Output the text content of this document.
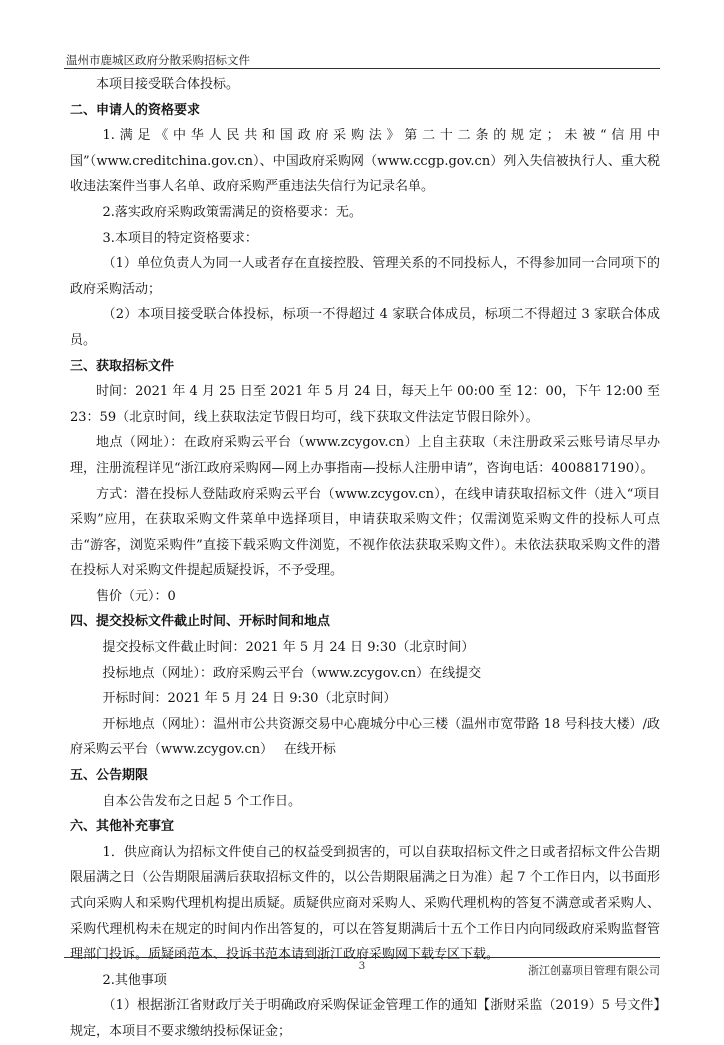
温州市鹿城区政府分散采购招标文件

本项目接受联合体投标。

二、申请人的资格要求

1.满足《中华人民共和国政府采购法》第二十二条的规定；未被“信用中国”（www.creditchina.gov.cn）、中国政府采购网（www.ccgp.gov.cn）列入失信被执行人、重大税收违法案件当事人名单、政府采购严重违法失信行为记录名单。

2.落实政府采购政策需满足的资格要求：无。

3.本项目的特定资格要求：

（1）单位负责人为同一人或者存在直接控股、管理关系的不同投标人，不得参加同一合同项下的政府采购活动；

（2）本项目接受联合体投标，标项一不得超过 4 家联合体成员，标项二不得超过 3 家联合体成员。

三、获取招标文件

时间：2021 年 4 月 25 日至 2021 年 5 月 24 日，每天上午 00:00 至 12：00，下午 12:00 至 23：59（北京时间，线上获取法定节假日均可，线下获取文件法定节假日除外）。

地点（网址）：在政府采购云平台（www.zcygov.cn）上自主获取（未注册政采云账号请尽早办理，注册流程详见“浙江政府采购网—网上办事指南—投标人注册申请”，咨询电话：4008817190）。

方式：潜在投标人登陆政府采购云平台（www.zcygov.cn），在线申请获取招标文件（进入“项目采购”应用，在获取采购文件菜单中选择项目，申请获取采购文件；仅需浏览采购文件的投标人可点击“游客，浏览采购件”直接下载采购文件浏览，不视作依法获取采购文件）。未依法获取采购文件的潜在投标人对采购文件提起质疑投诉，不予受理。

售价（元）：0

四、提交投标文件截止时间、开标时间和地点

提交投标文件截止时间：2021 年 5 月 24 日 9:30（北京时间）

投标地点（网址）：政府采购云平台（www.zcygov.cn）在线提交

开标时间：2021 年 5 月 24 日 9:30（北京时间）

开标地点（网址）：温州市公共资源交易中心鹿城分中心三楼（温州市宽带路 18 号科技大楼）/政府采购云平台（www.zcygov.cn）　 在线开标

五、公告期限

自本公告发布之日起 5 个工作日。

六、其他补充事宜

1．供应商认为招标文件使自己的权益受到损害的，可以自获取招标文件之日或者招标文件公告期限届满之日（公告期限届满后获取招标文件的，以公告期限届满之日为准）起 7 个工作日内，以书面形式向采购人和采购代理机构提出质疑。质疑供应商对采购人、采购代理机构的答复不满意或者采购人、采购代理机构未在规定的时间内作出答复的，可以在答复期满后十五个工作日内向同级政府采购监督管理部门投诉。质疑函范本、投诉书范本请到浙江政府采购网下载专区下载。

2.其他事项

（1）根据浙江省财政厅关于明确政府采购保证金管理工作的通知【浙财采监（2019）5 号文件】规定，本项目不要求缴纳投标保证金；

3	浙江创嘉项目管理有限公司
